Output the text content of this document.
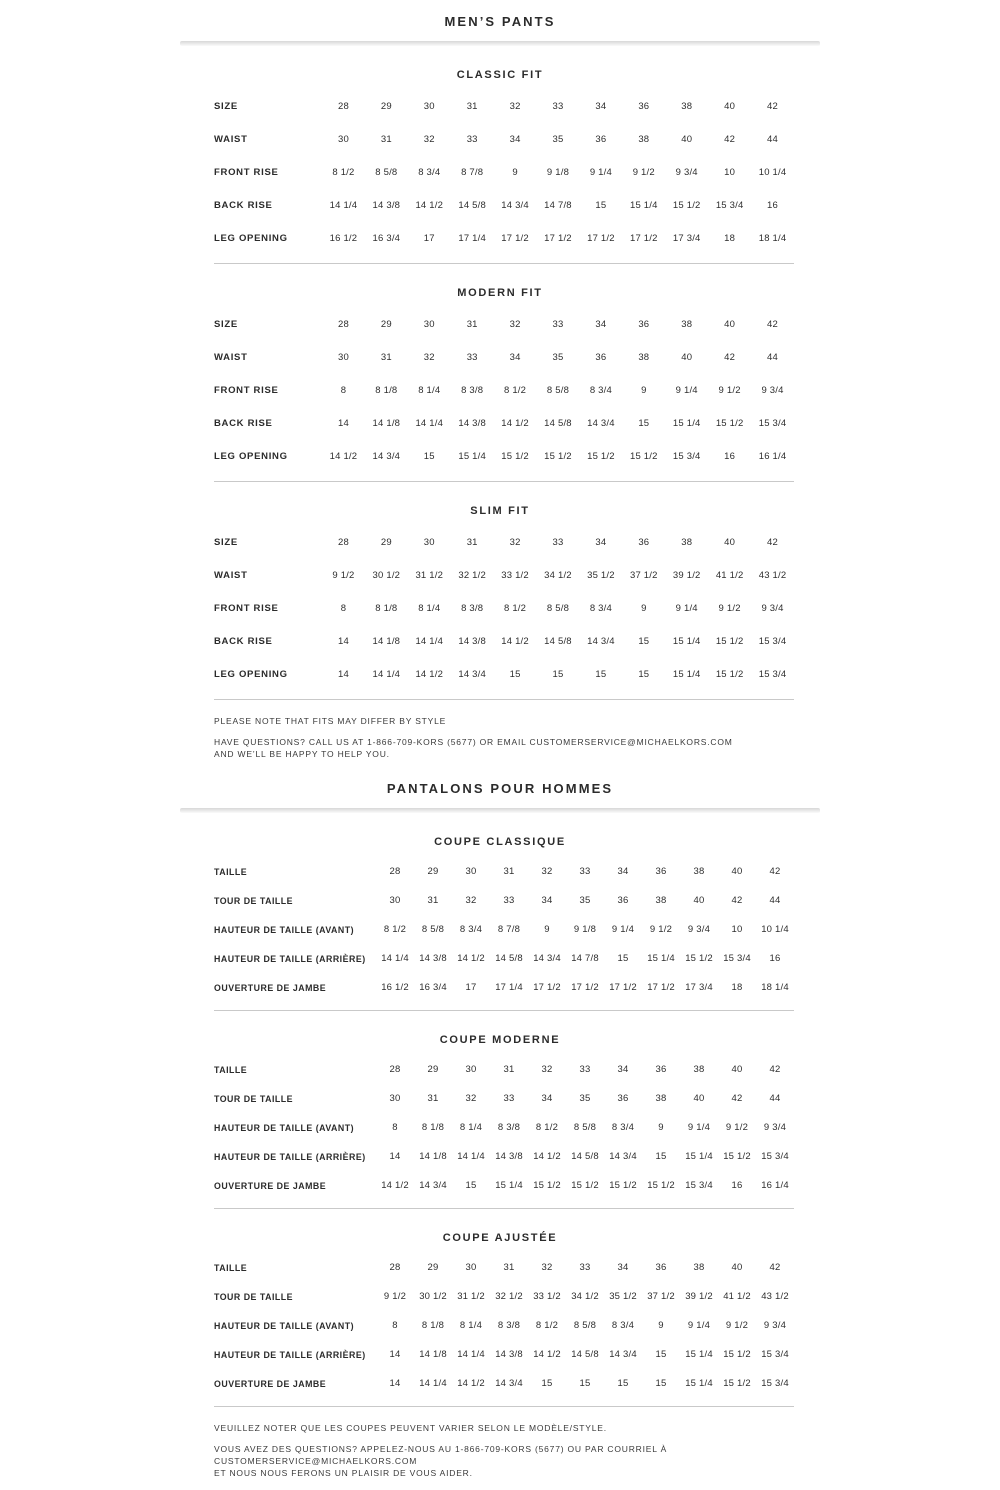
MEN’S PANTS
CLASSIC FIT
SIZE	28	29	30	31	32	33	34	36	38	40	42
WAIST	30	31	32	33	34	35	36	38	40	42	44
FRONT RISE	8 1/2	8 5/8	8 3/4	8 7/8	9	9 1/8	9 1/4	9 1/2	9 3/4	10	10 1/4
BACK RISE	14 1/4	14 3/8	14 1/2	14 5/8	14 3/4	14 7/8	15	15 1/4	15 1/2	15 3/4	16
LEG OPENING	16 1/2	16 3/4	17	17 1/4	17 1/2	17 1/2	17 1/2	17 1/2	17 3/4	18	18 1/4
MODERN FIT
SIZE	28	29	30	31	32	33	34	36	38	40	42
WAIST	30	31	32	33	34	35	36	38	40	42	44
FRONT RISE	8	8 1/8	8 1/4	8 3/8	8 1/2	8 5/8	8 3/4	9	9 1/4	9 1/2	9 3/4
BACK RISE	14	14 1/8	14 1/4	14 3/8	14 1/2	14 5/8	14 3/4	15	15 1/4	15 1/2	15 3/4
LEG OPENING	14 1/2	14 3/4	15	15 1/4	15 1/2	15 1/2	15 1/2	15 1/2	15 3/4	16	16 1/4
SLIM FIT
SIZE	28	29	30	31	32	33	34	36	38	40	42
WAIST	9 1/2	30 1/2	31 1/2	32 1/2	33 1/2	34 1/2	35 1/2	37 1/2	39 1/2	41 1/2	43 1/2
FRONT RISE	8	8 1/8	8 1/4	8 3/8	8 1/2	8 5/8	8 3/4	9	9 1/4	9 1/2	9 3/4
BACK RISE	14	14 1/8	14 1/4	14 3/8	14 1/2	14 5/8	14 3/4	15	15 1/4	15 1/2	15 3/4
LEG OPENING	14	14 1/4	14 1/2	14 3/4	15	15	15	15	15 1/4	15 1/2	15 3/4

PLEASE NOTE THAT FITS MAY DIFFER BY STYLE

HAVE QUESTIONS? CALL US AT 1-866-709-KORS (5677) OR EMAIL CUSTOMERSERVICE@MICHAELKORS.COM
AND WE’LL BE HAPPY TO HELP YOU.

PANTALONS POUR HOMMES
COUPE CLASSIQUE
TAILLE	28	29	30	31	32	33	34	36	38	40	42
TOUR DE TAILLE	30	31	32	33	34	35	36	38	40	42	44
HAUTEUR DE TAILLE (AVANT)	8 1/2	8 5/8	8 3/4	8 7/8	9	9 1/8	9 1/4	9 1/2	9 3/4	10	10 1/4
HAUTEUR DE TAILLE (ARRIÈRE)	14 1/4	14 3/8	14 1/2	14 5/8	14 3/4	14 7/8	15	15 1/4	15 1/2	15 3/4	16
OUVERTURE DE JAMBE	16 1/2	16 3/4	17	17 1/4	17 1/2	17 1/2	17 1/2	17 1/2	17 3/4	18	18 1/4
COUPE MODERNE
TAILLE	28	29	30	31	32	33	34	36	38	40	42
TOUR DE TAILLE	30	31	32	33	34	35	36	38	40	42	44
HAUTEUR DE TAILLE (AVANT)	8	8 1/8	8 1/4	8 3/8	8 1/2	8 5/8	8 3/4	9	9 1/4	9 1/2	9 3/4
HAUTEUR DE TAILLE (ARRIÈRE)	14	14 1/8	14 1/4	14 3/8	14 1/2	14 5/8	14 3/4	15	15 1/4	15 1/2	15 3/4
OUVERTURE DE JAMBE	14 1/2	14 3/4	15	15 1/4	15 1/2	15 1/2	15 1/2	15 1/2	15 3/4	16	16 1/4
COUPE AJUSTÉE
TAILLE	28	29	30	31	32	33	34	36	38	40	42
TOUR DE TAILLE	9 1/2	30 1/2	31 1/2	32 1/2	33 1/2	34 1/2	35 1/2	37 1/2	39 1/2	41 1/2	43 1/2
HAUTEUR DE TAILLE (AVANT)	8	8 1/8	8 1/4	8 3/8	8 1/2	8 5/8	8 3/4	9	9 1/4	9 1/2	9 3/4
HAUTEUR DE TAILLE (ARRIÈRE)	14	14 1/8	14 1/4	14 3/8	14 1/2	14 5/8	14 3/4	15	15 1/4	15 1/2	15 3/4
OUVERTURE DE JAMBE	14	14 1/4	14 1/2	14 3/4	15	15	15	15	15 1/4	15 1/2	15 3/4

VEUILLEZ NOTER QUE LES COUPES PEUVENT VARIER SELON LE MODÈLE/STYLE.

VOUS AVEZ DES QUESTIONS? APPELEZ-NOUS AU 1-866-709-KORS (5677) OU PAR COURRIEL À CUSTOMERSERVICE@MICHAELKORS.COM
ET NOUS NOUS FERONS UN PLAISIR DE VOUS AIDER.
